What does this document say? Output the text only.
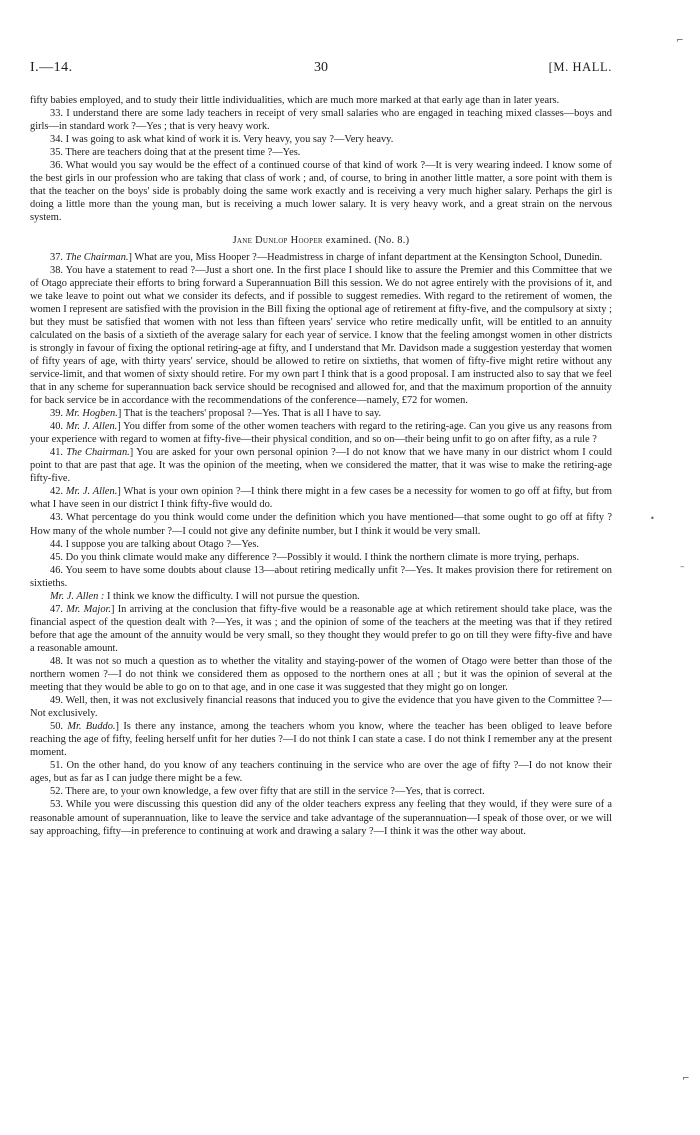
I.—14.	30	[M. HALL.

fifty babies employed, and to study their little individualities, which are much more marked at that early age than in later years.

33. I understand there are some lady teachers in receipt of very small salaries who are engaged in teaching mixed classes—boys and girls—in standard work ?—Yes ; that is very heavy work.

34. I was going to ask what kind of work it is. Very heavy, you say ?—Very heavy.

35. There are teachers doing that at the present time ?—Yes.

36. What would you say would be the effect of a continued course of that kind of work ?—It is very wearing indeed. I know some of the best girls in our profession who are taking that class of work ; and, of course, to bring in another little matter, a sore point with them is that the teacher on the boys' side is probably doing the same work exactly and is receiving a very much higher salary. Perhaps the girl is doing a little more than the young man, but is receiving a much lower salary. It is very heavy work, and a great strain on the nervous system.

Jane Dunlop Hooper examined. (No. 8.)

37. The Chairman.] What are you, Miss Hooper ?—Headmistress in charge of infant department at the Kensington School, Dunedin.

38. You have a statement to read ?—Just a short one. In the first place I should like to assure the Premier and this Committee that we of Otago appreciate their efforts to bring forward a Superannuation Bill this session. We do not agree entirely with the provisions of it, and we take leave to point out what we consider its defects, and if possible to suggest remedies. With regard to the retirement of women, the women I represent are satisfied with the provision in the Bill fixing the optional age of retirement at fifty-five, and the compulsory at sixty ; but they must be satisfied that women with not less than fifteen years' service who retire medically unfit, will be entitled to an annuity calculated on the basis of a sixtieth of the average salary for each year of service. I know that the feeling amongst women in other districts is strongly in favour of fixing the optional retiring-age at fifty, and I understand that Mr. Davidson made a suggestion yesterday that women of fifty years of age, with thirty years' service, should be allowed to retire on sixtieths, that women of fifty-five might retire without any service-limit, and that women of sixty should retire. For my own part I think that is a good proposal. I am instructed also to say that we feel that in any scheme for superannuation back service should be recognised and allowed for, and that the maximum proportion of the annuity for back service be in accordance with the recommendations of the conference—namely, £72 for women.

39. Mr. Hogben.] That is the teachers' proposal ?—Yes. That is all I have to say.

40. Mr. J. Allen.] You differ from some of the other women teachers with regard to the retiring-age. Can you give us any reasons from your experience with regard to women at fifty-five—their physical condition, and so on—their being unfit to go on after fifty, as a rule ?

41. The Chairman.] You are asked for your own personal opinion ?—I do not know that we have many in our district whom I could point to that are past that age. It was the opinion of the meeting, when we considered the matter, that it was wise to make the retiring-age fifty-five.

42. Mr. J. Allen.] What is your own opinion ?—I think there might in a few cases be a necessity for women to go off at fifty, but from what I have seen in our district I think fifty-five would do.

43. What percentage do you think would come under the definition which you have mentioned—that some ought to go off at fifty ? How many of the whole number ?—I could not give any definite number, but I think it would be very small.

44. I suppose you are talking about Otago ?—Yes.

45. Do you think climate would make any difference ?—Possibly it would. I think the northern climate is more trying, perhaps.

46. You seem to have some doubts about clause 13—about retiring medically unfit ?—Yes. It makes provision there for retirement on sixtieths.

Mr. J. Allen : I think we know the difficulty. I will not pursue the question.

47. Mr. Major.] In arriving at the conclusion that fifty-five would be a reasonable age at which retirement should take place, was the financial aspect of the question dealt with ?—Yes, it was ; and the opinion of some of the teachers at the meeting was that if they retired before that age the amount of the annuity would be very small, so they thought they would prefer to go on till they were fifty-five and have a reasonable amount.

48. It was not so much a question as to whether the vitality and staying-power of the women of Otago were better than those of the northern women ?—I do not think we considered them as opposed to the northern ones at all ; but it was the opinion of several at the meeting that they would be able to go on to that age, and in one case it was suggested that they might go on longer.

49. Well, then, it was not exclusively financial reasons that induced you to give the evidence that you have given to the Committee ?—Not exclusively.

50. Mr. Buddo.] Is there any instance, among the teachers whom you know, where the teacher has been obliged to leave before reaching the age of fifty, feeling herself unfit for her duties ?—I do not think I can state a case. I do not think I remember any at the present moment.

51. On the other hand, do you know of any teachers continuing in the service who are over the age of fifty ?—I do not know their ages, but as far as I can judge there might be a few.

52. There are, to your own knowledge, a few over fifty that are still in the service ?—Yes, that is correct.

53. While you were discussing this question did any of the older teachers express any feeling that they would, if they were sure of a reasonable amount of superannuation, like to leave the service and take advantage of the superannuation—I speak of those over, or we will say approaching, fifty—in preference to continuing at work and drawing a salary ?—I think it was the other way about.

⌐
•
–
⌐
